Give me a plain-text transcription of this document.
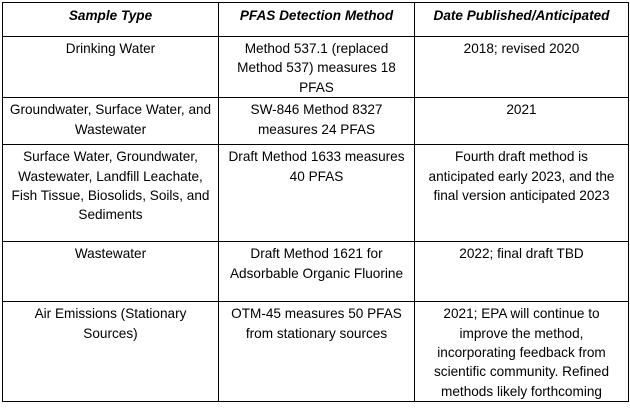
Sample Type	PFAS Detection Method	Date Published/Anticipated
Drinking Water	Method 537.1 (replaced Method 537) measures 18 PFAS	2018; revised 2020
Groundwater, Surface Water, and Wastewater	SW-846 Method 8327 measures 24 PFAS	2021
Surface Water, Groundwater, Wastewater, Landfill Leachate, Fish Tissue, Biosolids, Soils, and Sediments	Draft Method 1633 measures 40 PFAS	Fourth draft method is anticipated early 2023, and the final version anticipated 2023
Wastewater	Draft Method 1621 for Adsorbable Organic Fluorine	2022; final draft TBD
Air Emissions (Stationary Sources)	OTM-45 measures 50 PFAS from stationary sources	2021; EPA will continue to improve the method, incorporating feedback from scientific community. Refined methods likely forthcoming
